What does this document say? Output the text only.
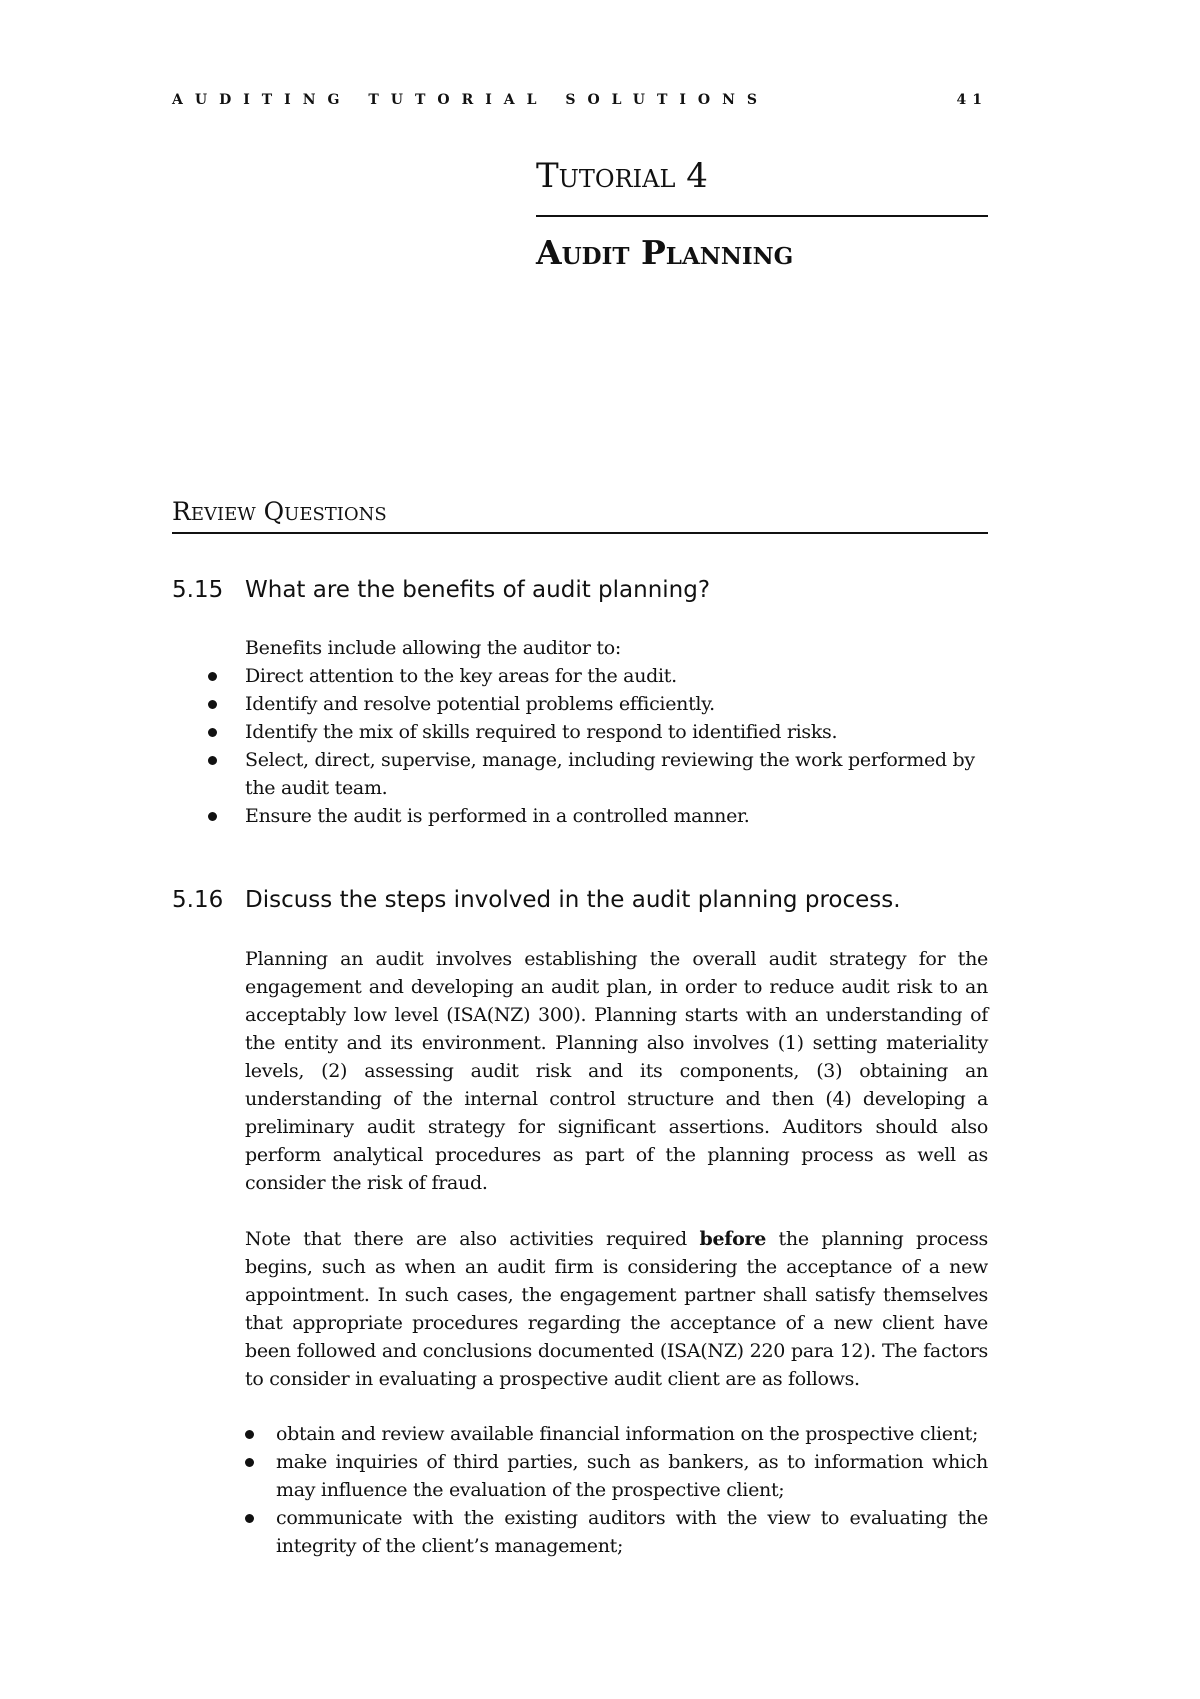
AUDITING TUTORIAL SOLUTIONS	41
Tutorial 4
Audit Planning
Review Questions
5.15 What are the benefits of audit planning?

Benefits include allowing the auditor to:

Direct attention to the key areas for the audit.
Identify and resolve potential problems efficiently.
Identify the mix of skills required to respond to identified risks.
Select, direct, supervise, manage, including reviewing the work performed by the audit team.
Ensure the audit is performed in a controlled manner.
5.16 Discuss the steps involved in the audit planning process.

Planning an audit involves establishing the overall audit strategy for the engagement and developing an audit plan, in order to reduce audit risk to an acceptably low level (ISA(NZ) 300). Planning starts with an understanding of the entity and its environment. Planning also involves (1) setting materiality levels, (2) assessing audit risk and its components, (3) obtaining an understanding of the internal control structure and then (4) developing a preliminary audit strategy for significant assertions. Auditors should also perform analytical procedures as part of the planning process as well as consider the risk of fraud.

Note that there are also activities required before the planning process begins, such as when an audit firm is considering the acceptance of a new appointment. In such cases, the engagement partner shall satisfy themselves that appropriate procedures regarding the acceptance of a new client have been followed and conclusions documented (ISA(NZ) 220 para 12). The factors to consider in evaluating a prospective audit client are as follows.

obtain and review available financial information on the prospective client;
make inquiries of third parties, such as bankers, as to information which may influence the evaluation of the prospective client;
communicate with the existing auditors with the view to evaluating the integrity of the client’s management;
